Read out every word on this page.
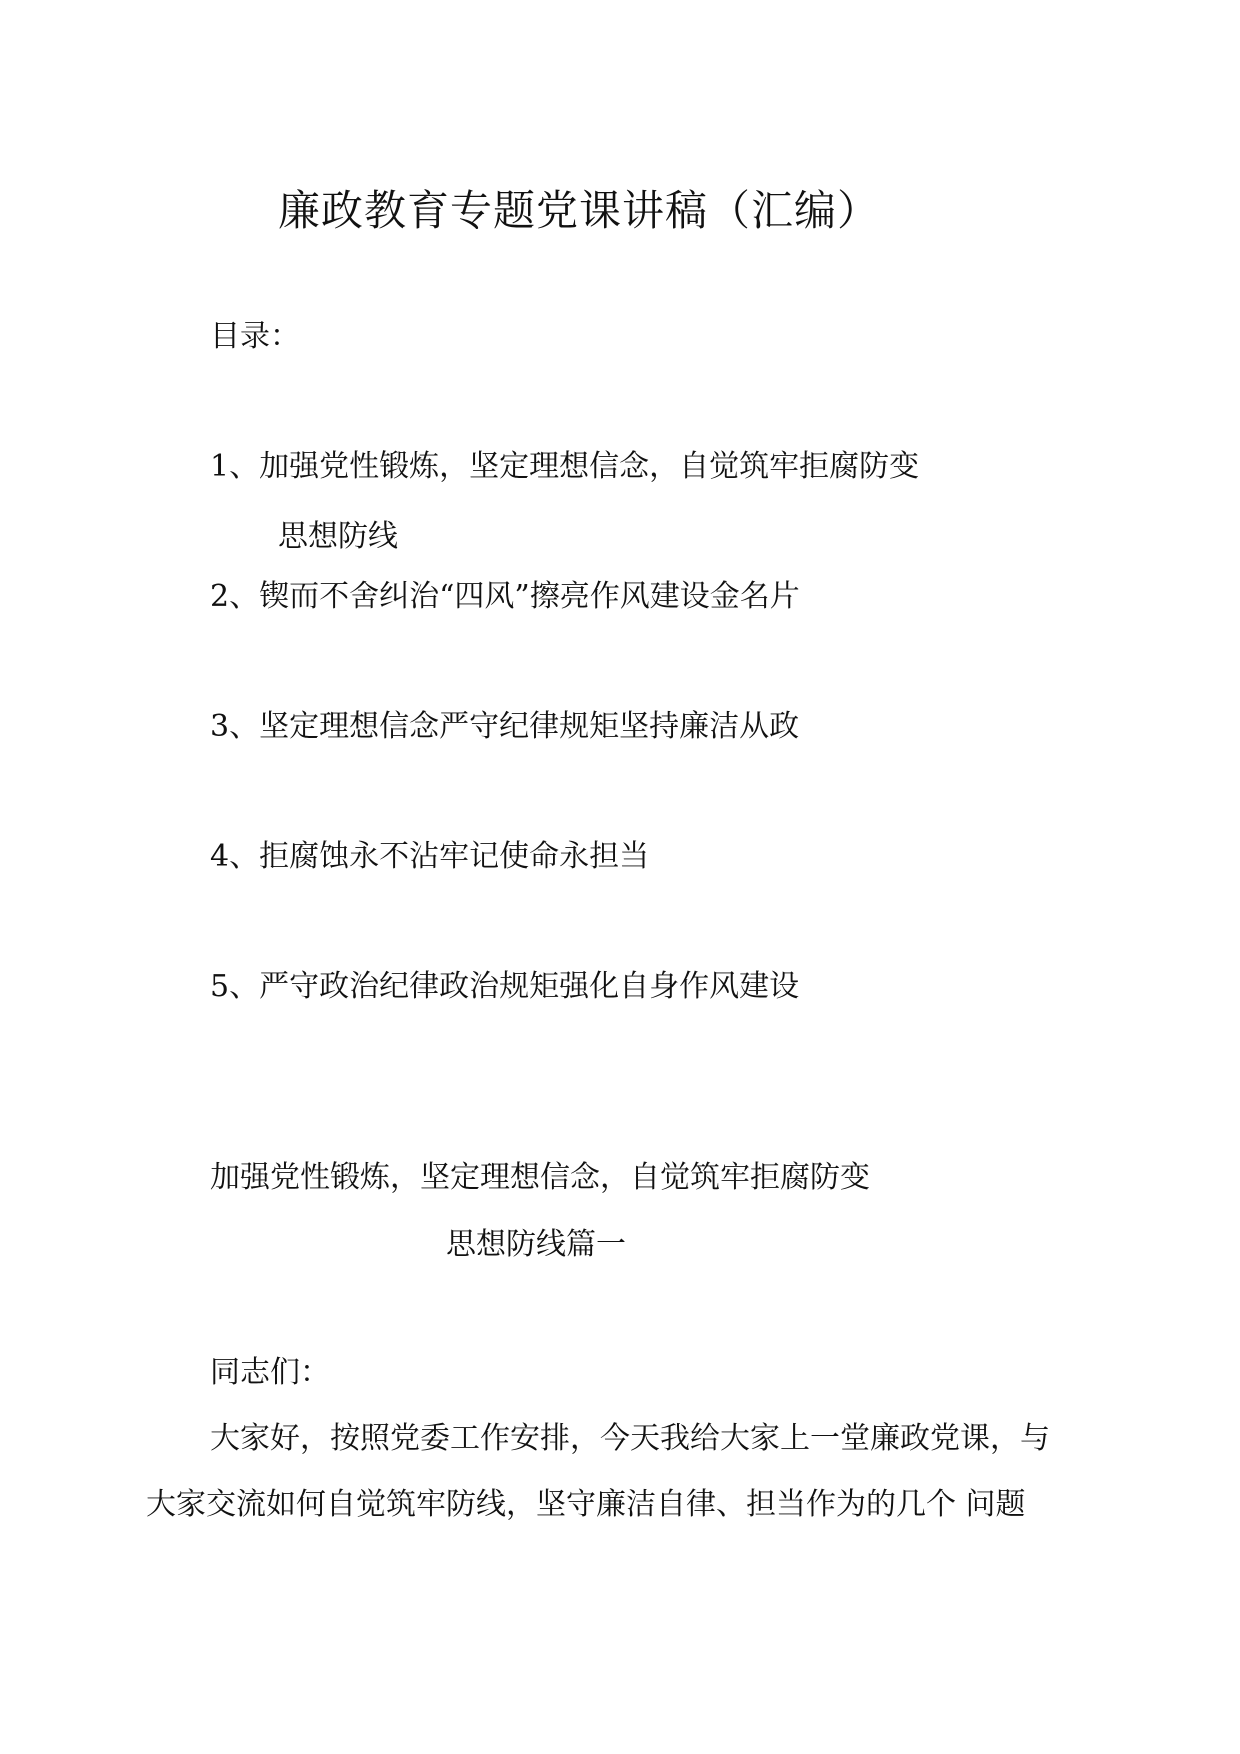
廉政教育专题党课讲稿（汇编）
目录：
1、加强党性锻炼，坚定理想信念，自觉筑牢拒腐防变
思想防线
2、锲而不舍纠治“四风”擦亮作风建设金名片
3、坚定理想信念严守纪律规矩坚持廉洁从政
4、拒腐蚀永不沾牢记使命永担当
5、严守政治纪律政治规矩强化自身作风建设
加强党性锻炼，坚定理想信念，自觉筑牢拒腐防变
思想防线篇一
同志们：
大家好，按照党委工作安排，今天我给大家上一堂廉政党课，与
大家交流如何自觉筑牢防线，坚守廉洁自律、担当作为的几个 问题
